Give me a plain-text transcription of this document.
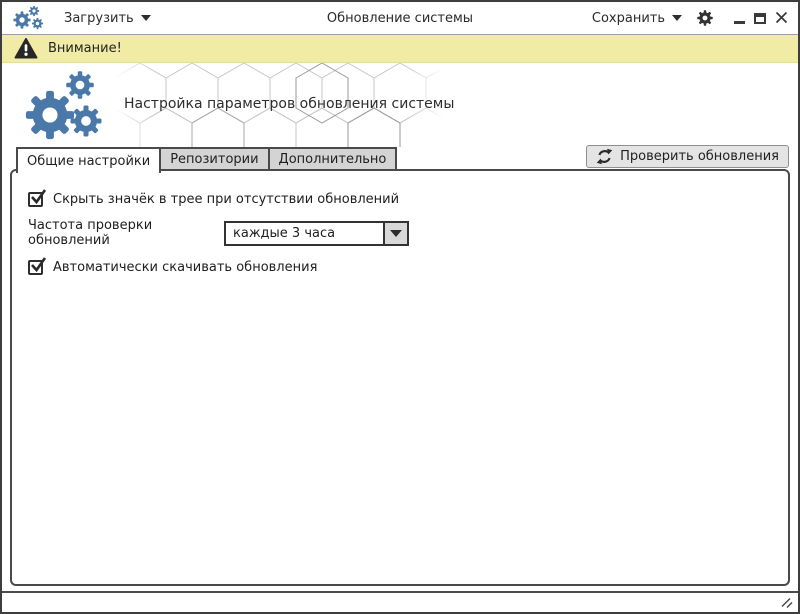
Загрузить	Обновление системы	Сохранить
Внимание!
Настройка параметров обновления системы
Общие настройки Репозитории Дополнительно	Проверить обновления
Скрыть значёк в трее при отсутствии обновлений
Частота проверки обновлений	каждые 3 часа
Автоматически скачивать обновления
